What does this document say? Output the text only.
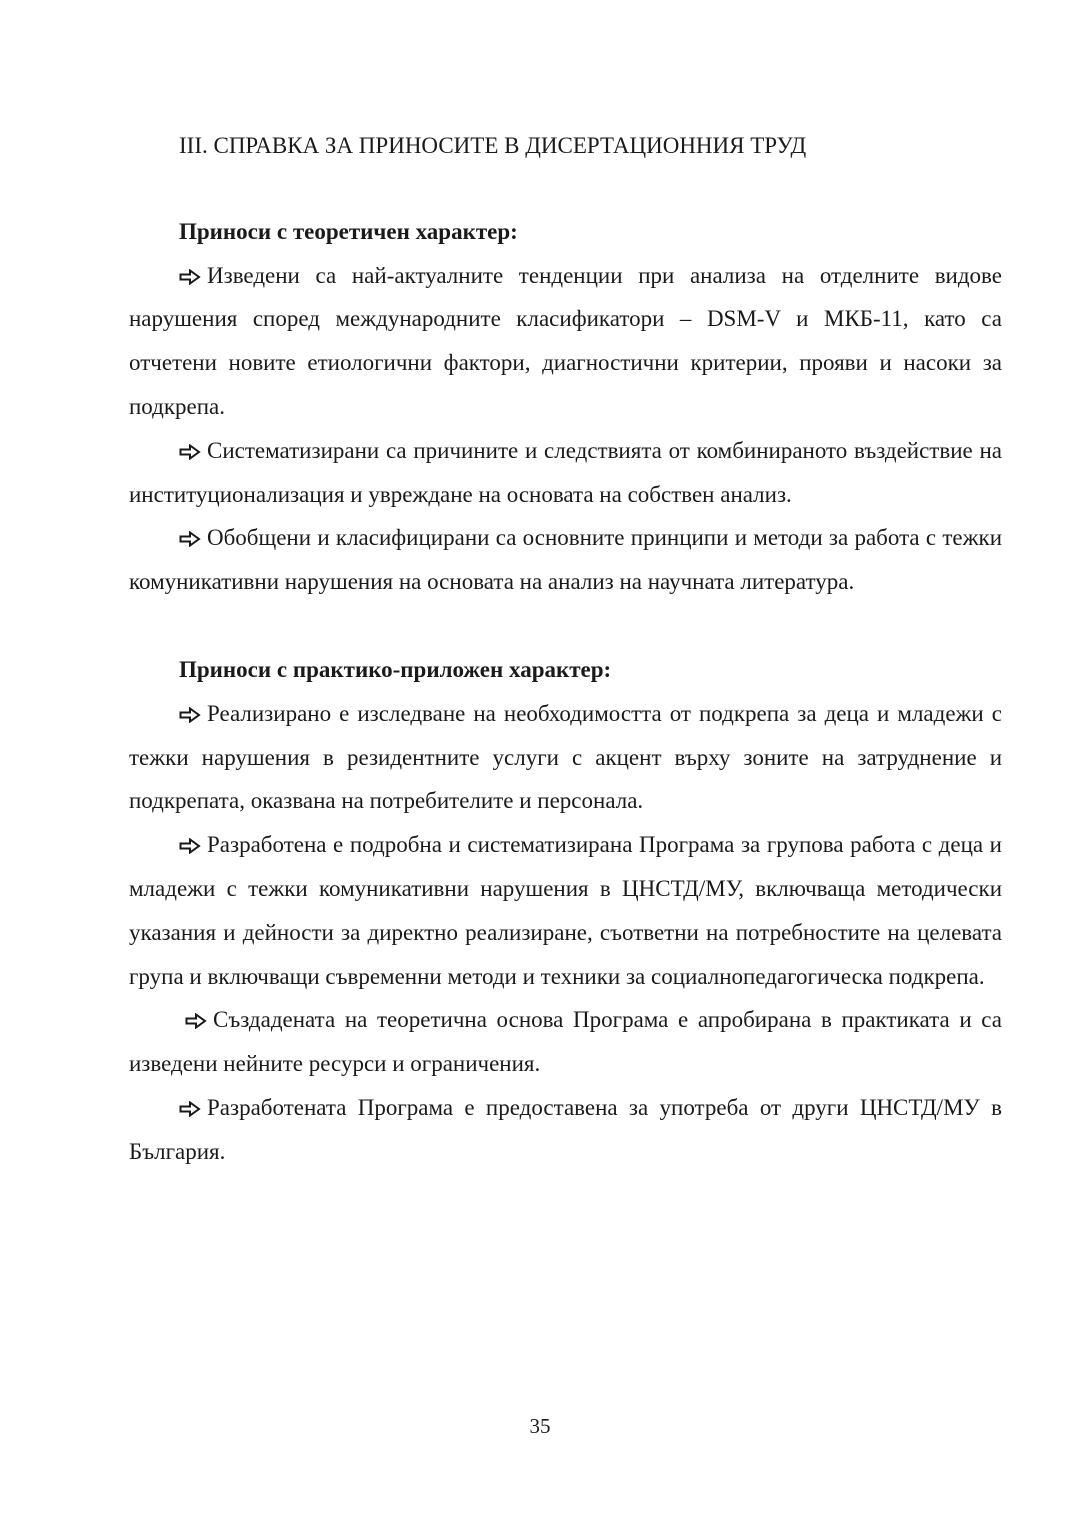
III. СПРАВКА ЗА ПРИНОСИТЕ В ДИСЕРТАЦИОННИЯ ТРУД
Приноси с теоретичен характер:

Изведени са най-актуалните тенденции при анализа на отделните видове нарушения според международните класификатори – DSM-V и МКБ-11, като са отчетени новите етиологични фактори, диагностични критерии, прояви и насоки за подкрепа.

Систематизирани са причините и следствията от комбинираното въздействие на институционализация и увреждане на основата на собствен анализ.

Обобщени и класифицирани са основните принципи и методи за работа с тежки комуникативни нарушения на основата на анализ на научната литература.

Приноси с практико-приложен характер:

Реализирано е изследване на необходимостта от подкрепа за деца и младежи с тежки нарушения в резидентните услуги с акцент върху зоните на затруднение и подкрепата, оказвана на потребителите и персонала.

Разработена е подробна и систематизирана Програма за групова работа с деца и младежи с тежки комуникативни нарушения в ЦНСТД/МУ, включваща методически указания и дейности за директно реализиране, съответни на потребностите на целевата група и включващи съвременни методи и техники за социалнопедагогическа подкрепа.

Създадената на теоретична основа Програма е апробирана в практиката и са изведени нейните ресурси и ограничения.

Разработената Програма е предоставена за употреба от други ЦНСТД/МУ в България.

35
